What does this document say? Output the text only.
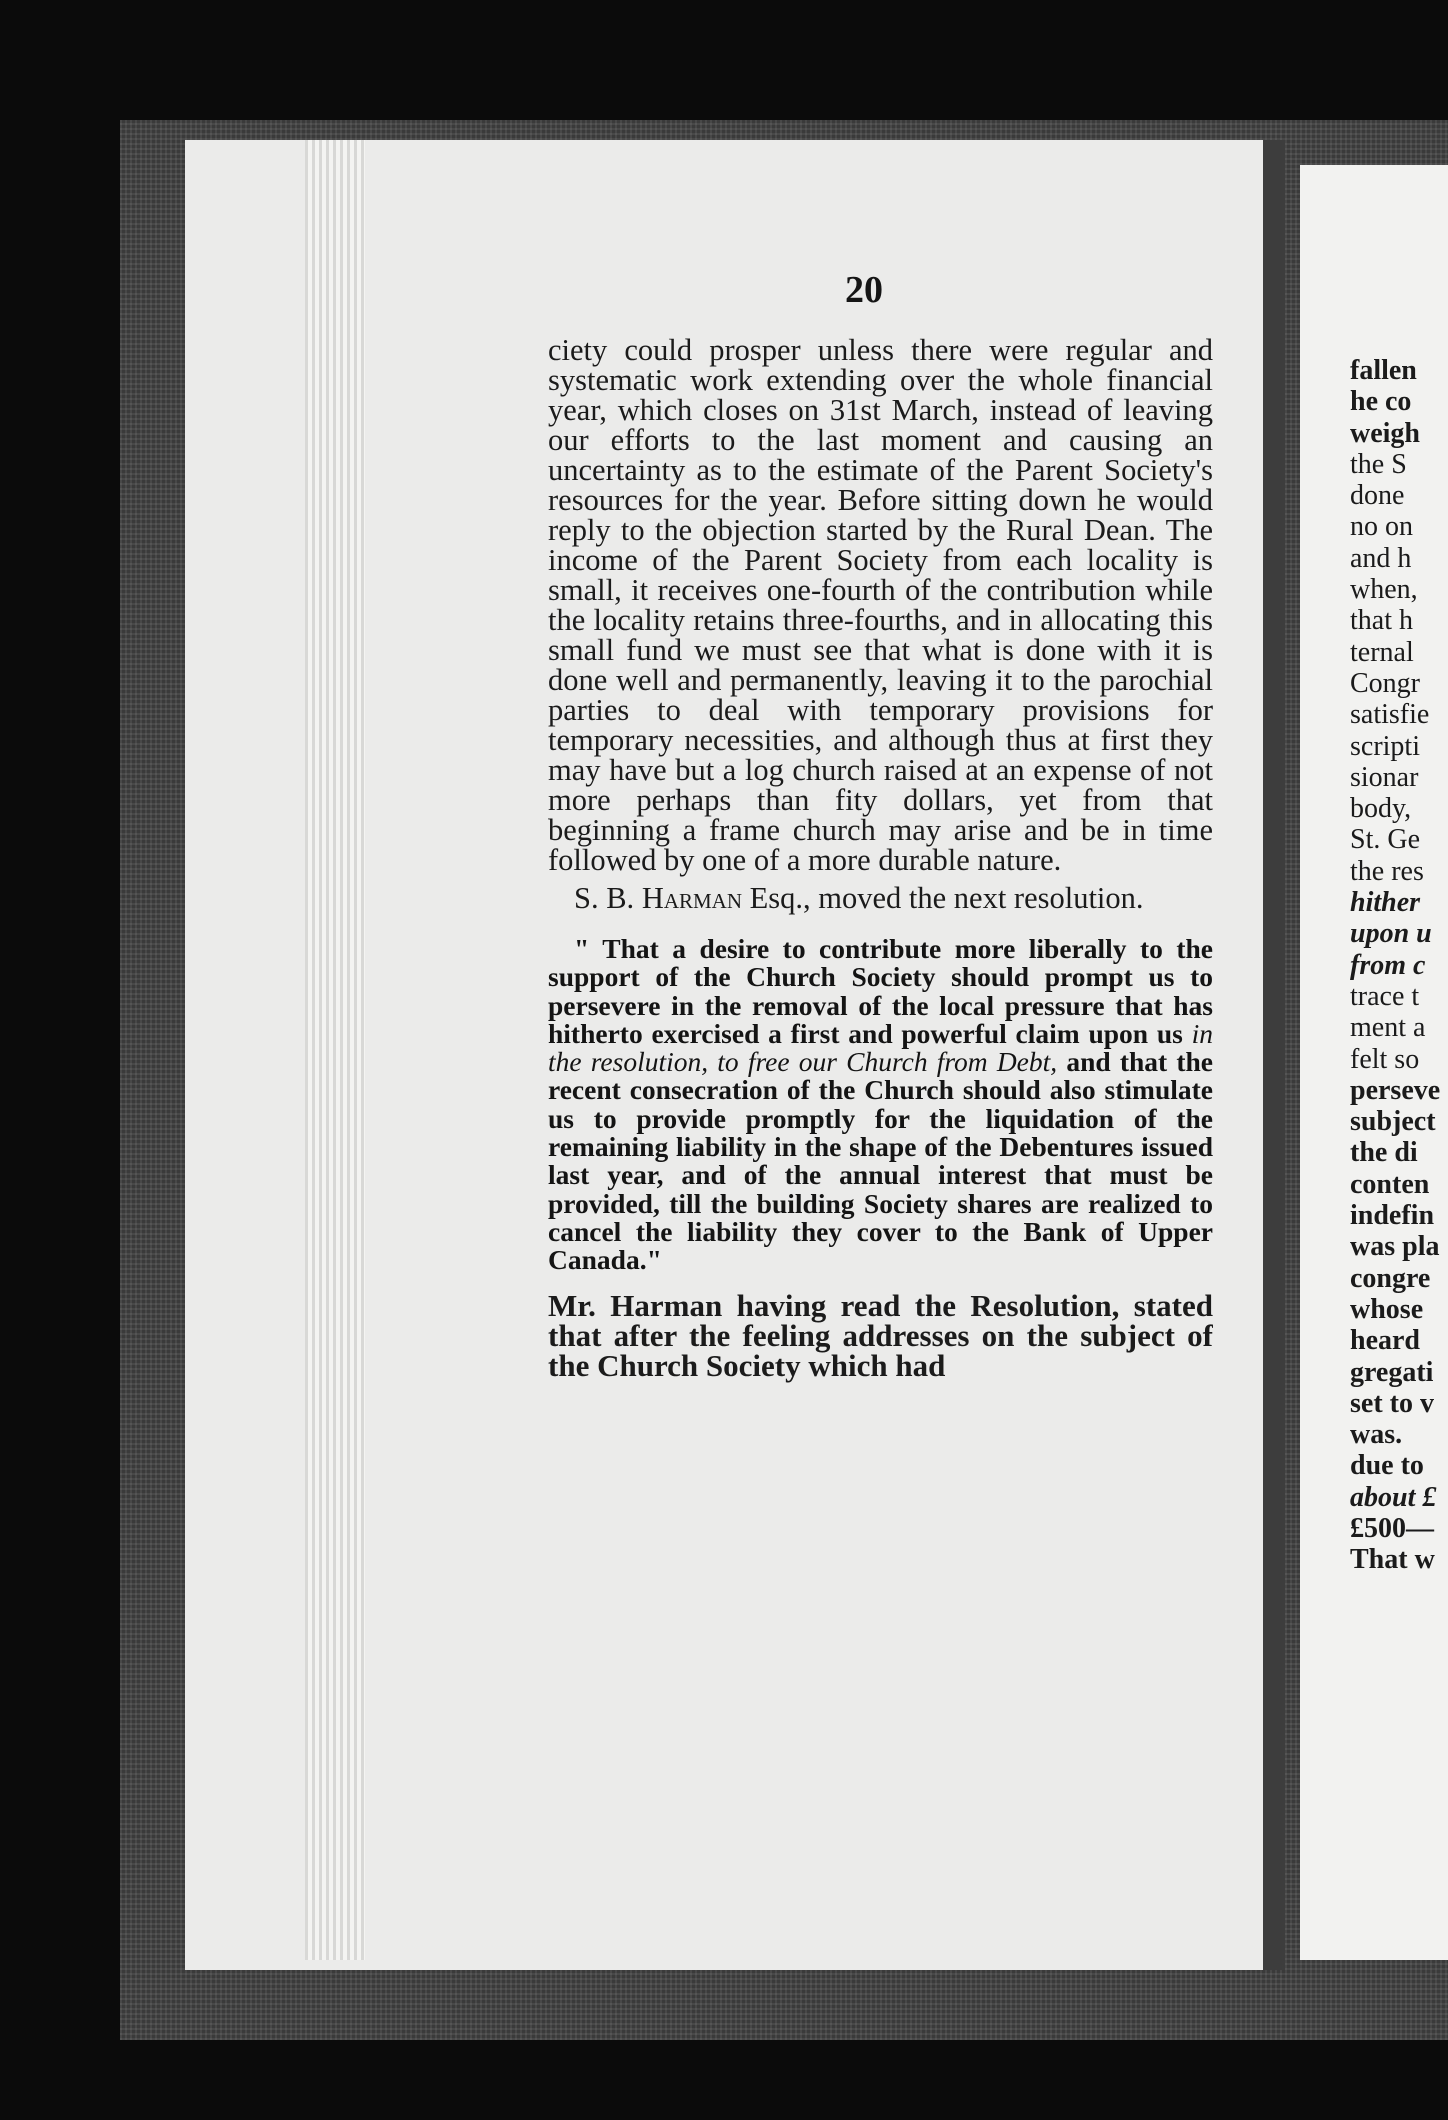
20

ciety could prosper unless there were regular and systematic work extending over the whole financial year, which closes on 31st March, instead of leaving our efforts to the last moment and causing an uncertainty as to the estimate of the Parent Society's resources for the year. Before sitting down he would reply to the objection started by the Rural Dean. The income of the Parent Society from each locality is small, it receives one-fourth of the contribution while the locality retains three-fourths, and in allocating this small fund we must see that what is done with it is done well and permanently, leaving it to the parochial parties to deal with temporary provisions for temporary necessities, and although thus at first they may have but a log church raised at an expense of not more perhaps than fity dollars, yet from that beginning a frame church may arise and be in time followed by one of a more durable nature.

S. B. Harman Esq., moved the next resolution.

" That a desire to contribute more liberally to the support of the Church Society should prompt us to persevere in the removal of the local pressure that has hitherto exercised a first and powerful claim upon us in the resolution, to free our Church from Debt, and that the recent consecration of the Church should also stimulate us to provide promptly for the liquidation of the remaining liability in the shape of the Debentures issued last year, and of the annual interest that must be provided, till the building Society shares are realized to cancel the liability they cover to the Bank of Upper Canada."

Mr. Harman having read the Resolution, stated that after the feeling addresses on the subject of the Church Society which had

fallen
he co
weigh
the S
done
no on
and h
when,
that h
ternal
Congr
satisfie
scripti
sionar
body,
St. Ge
the res
hither
upon u
from c
trace t
ment a
felt so
perseve
subject
the di
conten
indefin
was pla
congre
whose
heard
gregati
set to v
was.
due to
about £
£500—
That w
